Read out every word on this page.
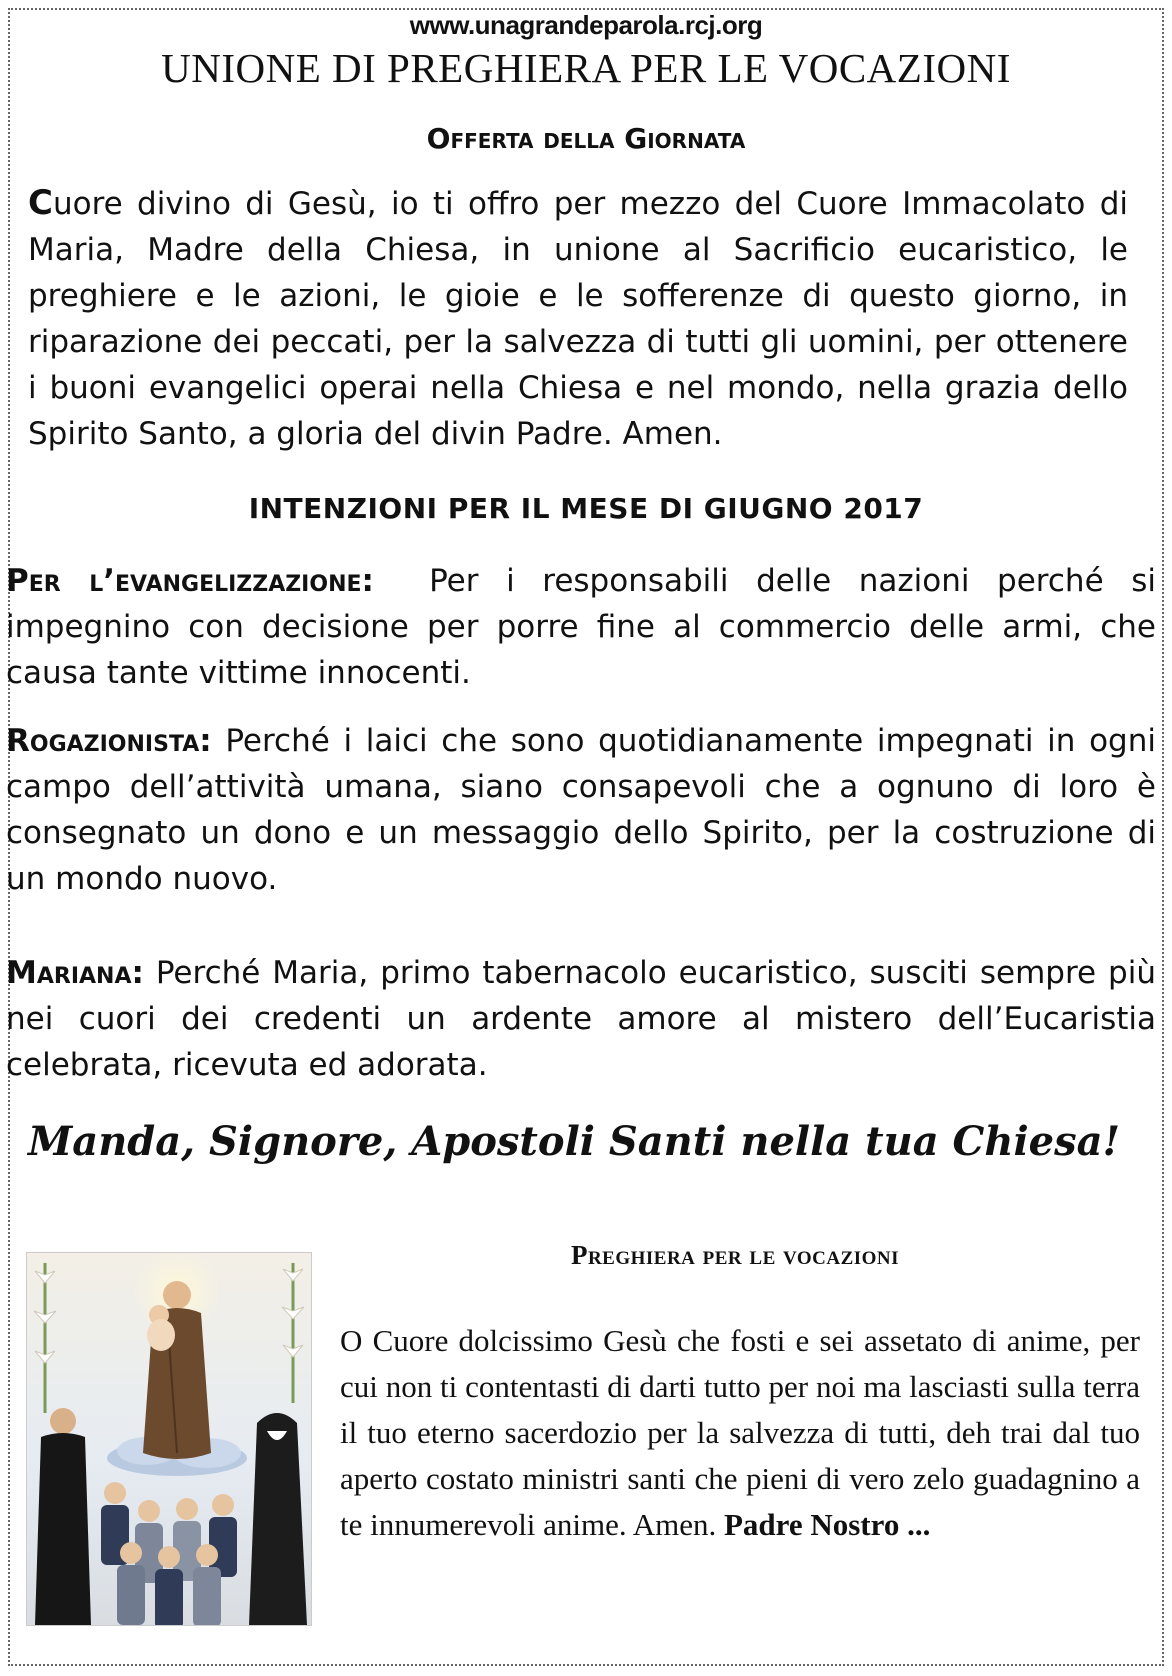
www.unagrandeparola.rcj.org
UNIONE DI PREGHIERA PER LE VOCAZIONI
Offerta della Giornata
Cuore divino di Gesù, io ti offro per mezzo del Cuore Immacolato di Maria, Madre della Chiesa, in unione al Sacrificio eucaristico, le preghiere e le azioni, le gioie e le sofferenze di questo giorno, in riparazione dei peccati, per la salvezza di tutti gli uomini, per ottenere i buoni evangelici operai nella Chiesa e nel mondo, nella grazia dello Spirito Santo, a gloria del divin Padre. Amen.
INTENZIONI PER IL MESE DI GIUGNO 2017
Per l’evangelizzazione: Per i responsabili delle nazioni perché si impegnino con decisione per porre fine al commercio delle armi, che causa tante vittime innocenti.
Rogazionista: Perché i laici che sono quotidianamente impegnati in ogni campo dell’attività umana, siano consapevoli che a ognuno di loro è consegnato un dono e un messaggio dello Spirito, per la costruzione di un mondo nuovo.
Mariana: Perché Maria, primo tabernacolo eucaristico, susciti sempre più nei cuori dei credenti un ardente amore al mistero dell’Eucaristia celebrata, ricevuta ed adorata.
Manda, Signore, Apostoli Santi nella tua Chiesa!
Preghiera per le vocazioni
O Cuore dolcissimo Gesù che fosti e sei assetato di anime, per cui non ti contentasti di darti tutto per noi ma lasciasti sulla terra il tuo eterno sacerdozio per la salvezza di tutti, deh trai dal tuo aperto costato ministri santi che pieni di vero zelo guadagnino a te innumerevoli anime. Amen. Padre Nostro ...
